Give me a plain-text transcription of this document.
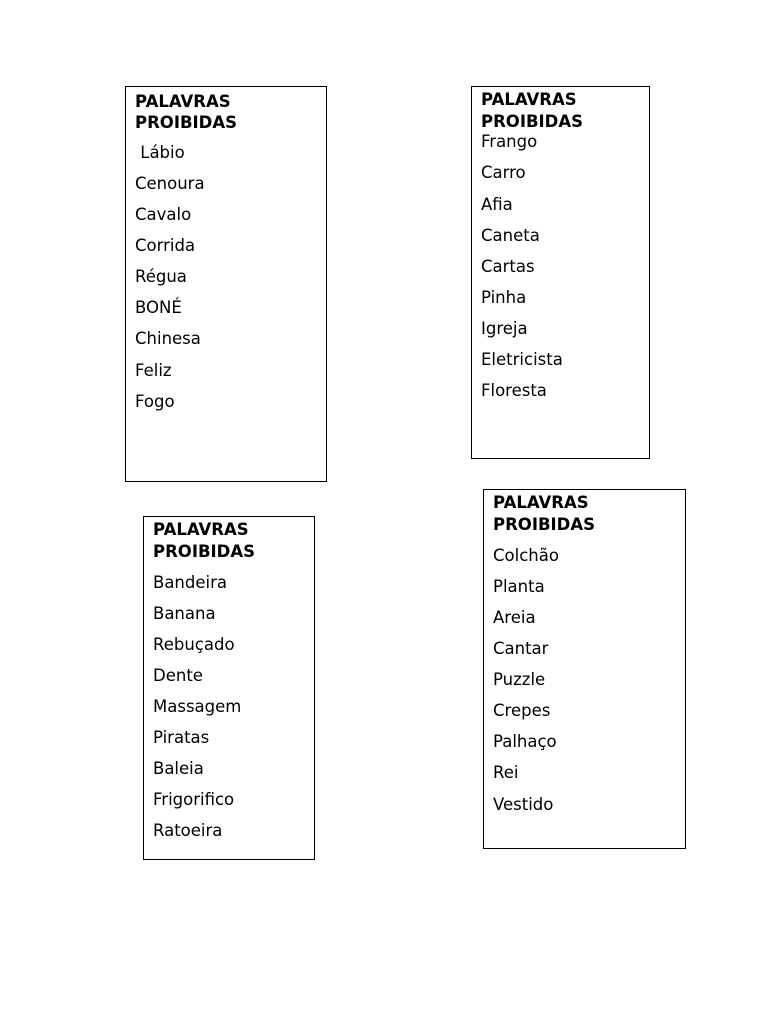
PALAVRAS
PROIBIDAS
Lábio
Cenoura
Cavalo
Corrida
Régua
BONÉ
Chinesa
Feliz
Fogo
PALAVRAS
PROIBIDAS
Frango
Carro
Afia
Caneta
Cartas
Pinha
Igreja
Eletricista
Floresta
PALAVRAS
PROIBIDAS
Bandeira
Banana
Rebuçado
Dente
Massagem
Piratas
Baleia
Frigorifico
Ratoeira
PALAVRAS
PROIBIDAS
Colchão
Planta
Areia
Cantar
Puzzle
Crepes
Palhaço
Rei
Vestido
